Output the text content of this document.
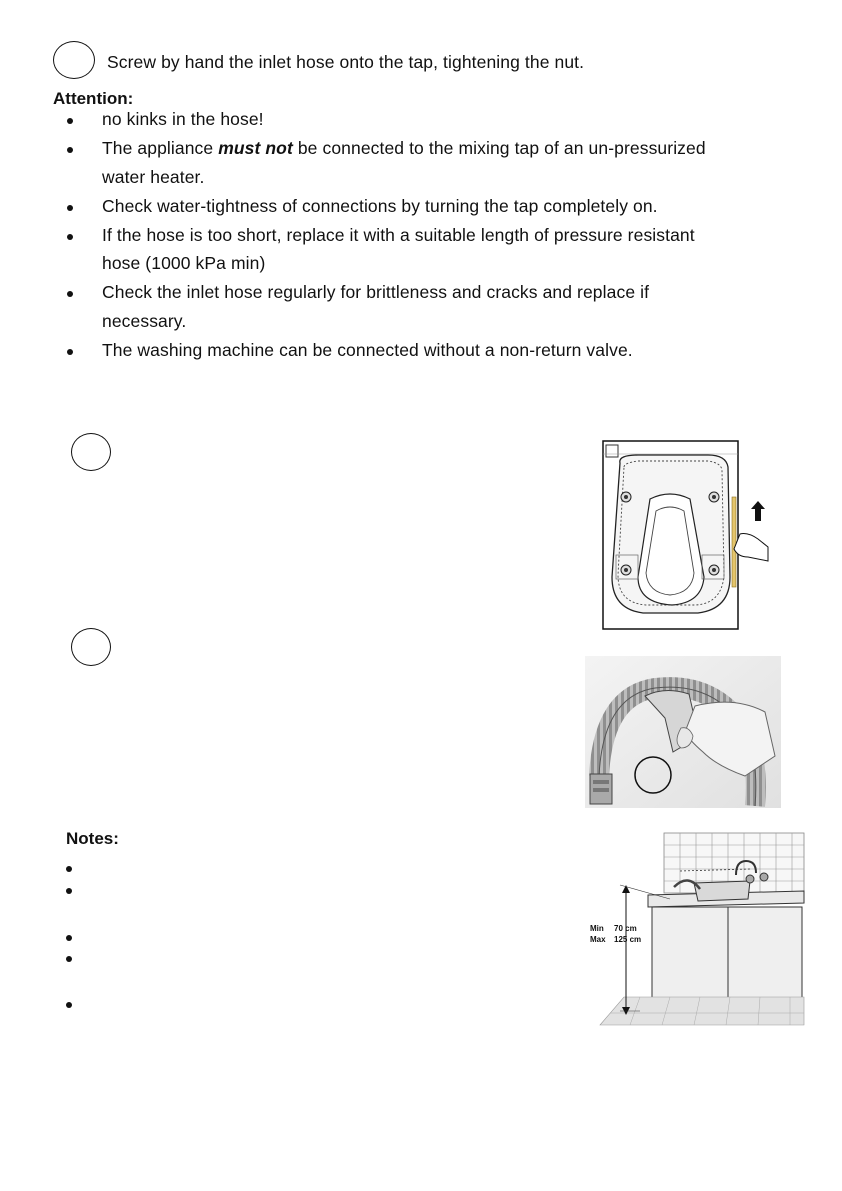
Screw by hand the inlet hose onto the tap, tightening the nut.
Attention:
no kinks in the hose!
The appliance must not be connected to the mixing tap of an un-pressurized
water heater.
Check water-tightness of connections by turning the tap completely on.
If the hose is too short, replace it with a suitable length of pressure resistant
hose (1000 kPa min)
Check the inlet hose regularly for brittleness and cracks and replace if
necessary.
The washing machine can be connected without a non-return valve.
Notes:
Min 70 cm
Max 125 cm
